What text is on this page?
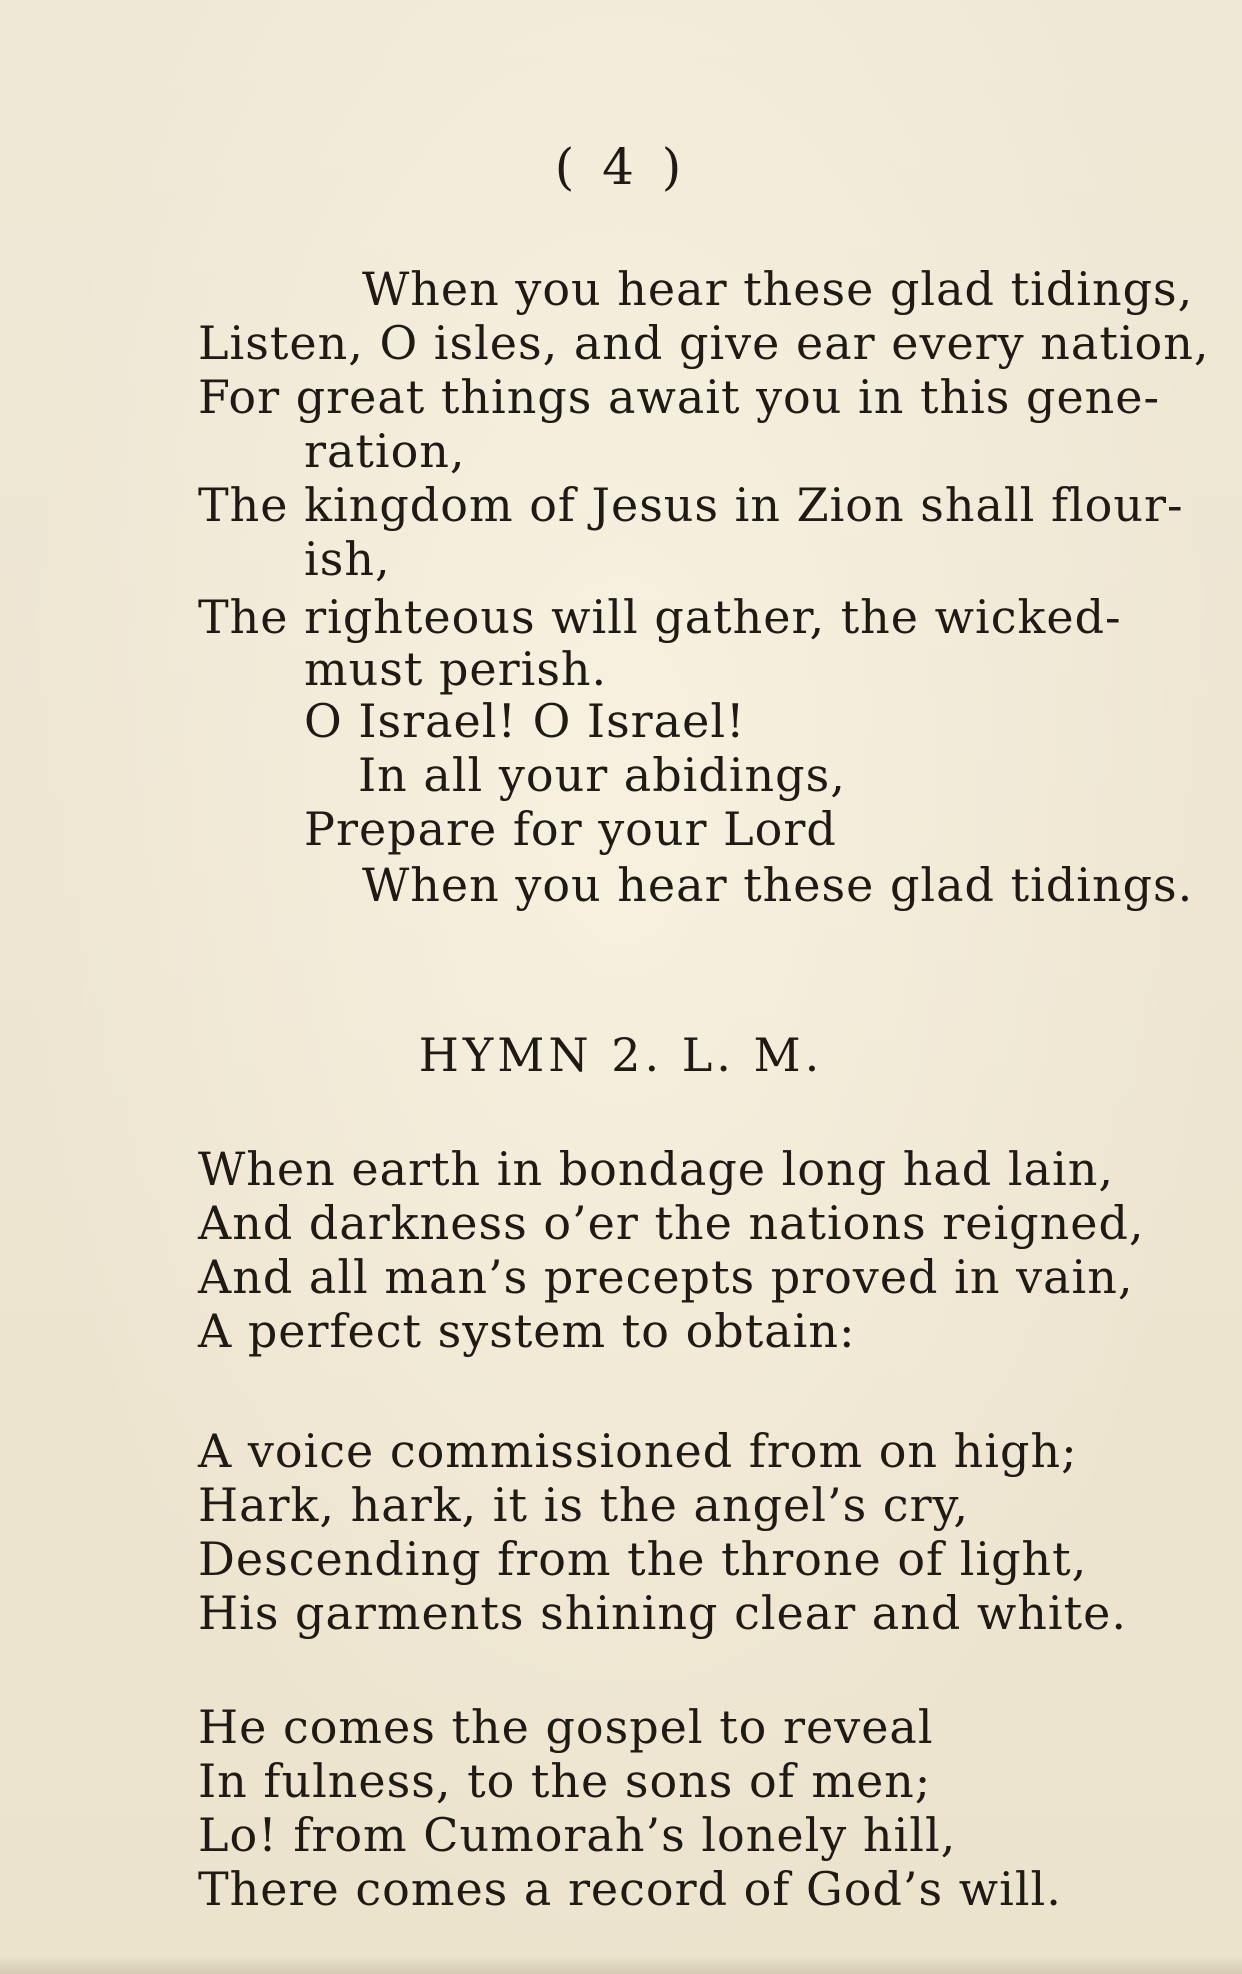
( 4 )
When you hear these glad tidings,
Listen, O isles, and give ear every nation,
For great things await you in this gene-
ration,
The kingdom of Jesus in Zion shall flour-
ish,
The righteous will gather, the wicked-
must perish.
O Israel! O Israel!
In all your abidings,
Prepare for your Lord
When you hear these glad tidings.
HYMN 2. L. M.
When earth in bondage long had lain,
And darkness o’er the nations reigned,
And all man’s precepts proved in vain,
A perfect system to obtain:
A voice commissioned from on high;
Hark, hark, it is the angel’s cry,
Descending from the throne of light,
His garments shining clear and white.
He comes the gospel to reveal
In fulness, to the sons of men;
Lo! from Cumorah’s lonely hill,
There comes a record of God’s will.
